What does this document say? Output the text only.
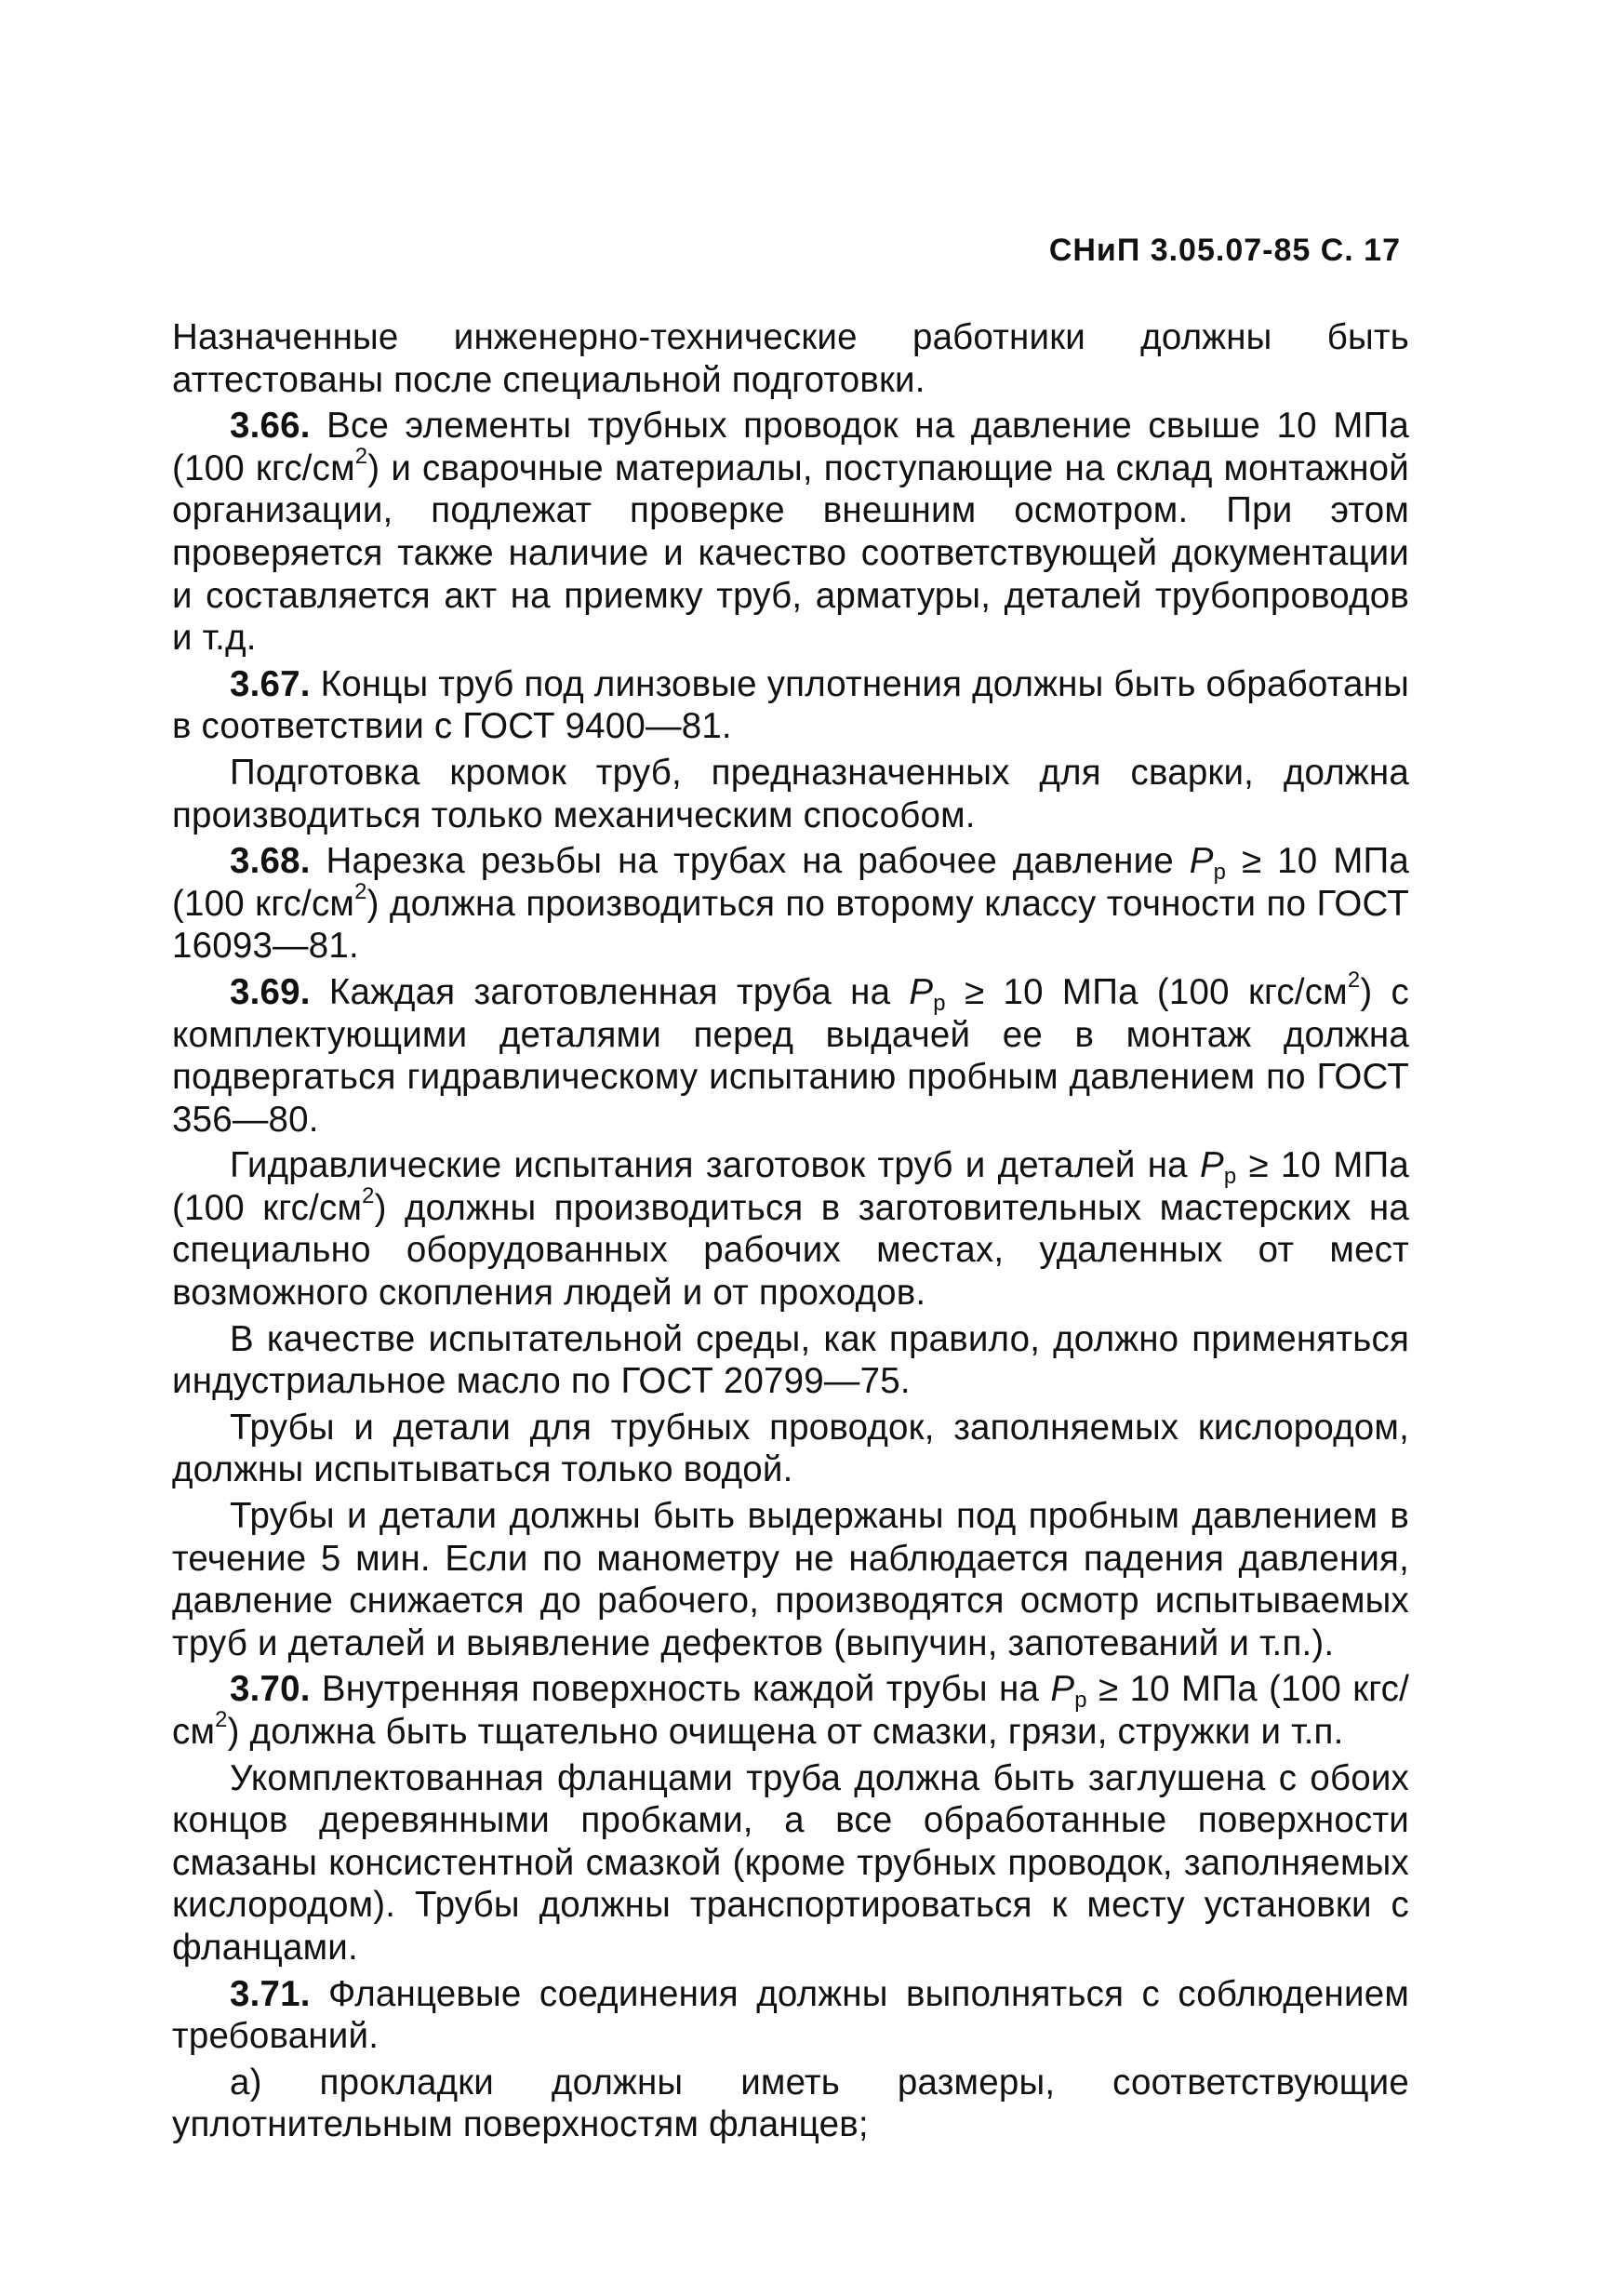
СНиП 3.05.07-85 С. 17

Назначенные инженерно-технические работники должны быть аттестованы после специальной подготовки.

3.66. Все элементы трубных проводок на давление свыше 10 МПа (100 кгс/$см^2$) и сварочные материалы, поступающие на склад монтажной организации, подлежат проверке внешним осмотром. При этом проверяется также наличие и качество соответствующей документации и составляется акт на приемку труб, арматуры, деталей трубопроводов и т.д.

3.67. Концы труб под линзовые уплотнения должны быть обработаны в соответствии с ГОСТ 9400—81.

Подготовка кромок труб, предназначенных для сварки, должна производиться только механическим способом.

3.68. Нарезка резьбы на трубах на рабочее давление $P_р \ge 10$ МПа (100 кгс/$см^2$) должна производиться по второму классу точности по ГОСТ 16093—81.

3.69. Каждая заготовленная труба на $P_р \ge 10$ МПа (100 кгс/$см^2$) с комплектующими деталями перед выдачей ее в монтаж должна подвергаться гидравлическому испытанию пробным давлением по ГОСТ 356—80.

Гидравлические испытания заготовок труб и деталей на $P_р \ge 10$ МПа (100 кгс/$см^2$) должны производиться в заготовительных мастерских на специально оборудованных рабочих местах, удаленных от мест возможного скопления людей и от проходов.

В качестве испытательной среды, как правило, должно применяться индустриальное масло по ГОСТ 20799—75.

Трубы и детали для трубных проводок, заполняемых кислородом, должны испытываться только водой.

Трубы и детали должны быть выдержаны под пробным давлением в течение 5 мин. Если по манометру не наблюдается падения давления, давление снижается до рабочего, производятся осмотр испытываемых труб и деталей и выявление дефектов (выпучин, запотеваний и т.п.).

3.70. Внутренняя поверхность каждой трубы на $P_р \ge 10$ МПа (100 кгс/$см^2$) должна быть тщательно очищена от смазки, грязи, стружки и т.п.

Укомплектованная фланцами труба должна быть заглушена с обоих концов деревянными пробками, а все обработанные поверхности смазаны консистентной смазкой (кроме трубных проводок, заполняемых кислородом). Трубы должны транспортироваться к месту установки с фланцами.

3.71. Фланцевые соединения должны выполняться с соблюдением требований.

а) прокладки должны иметь размеры, соответствующие уплотнительным поверхностям фланцев;
